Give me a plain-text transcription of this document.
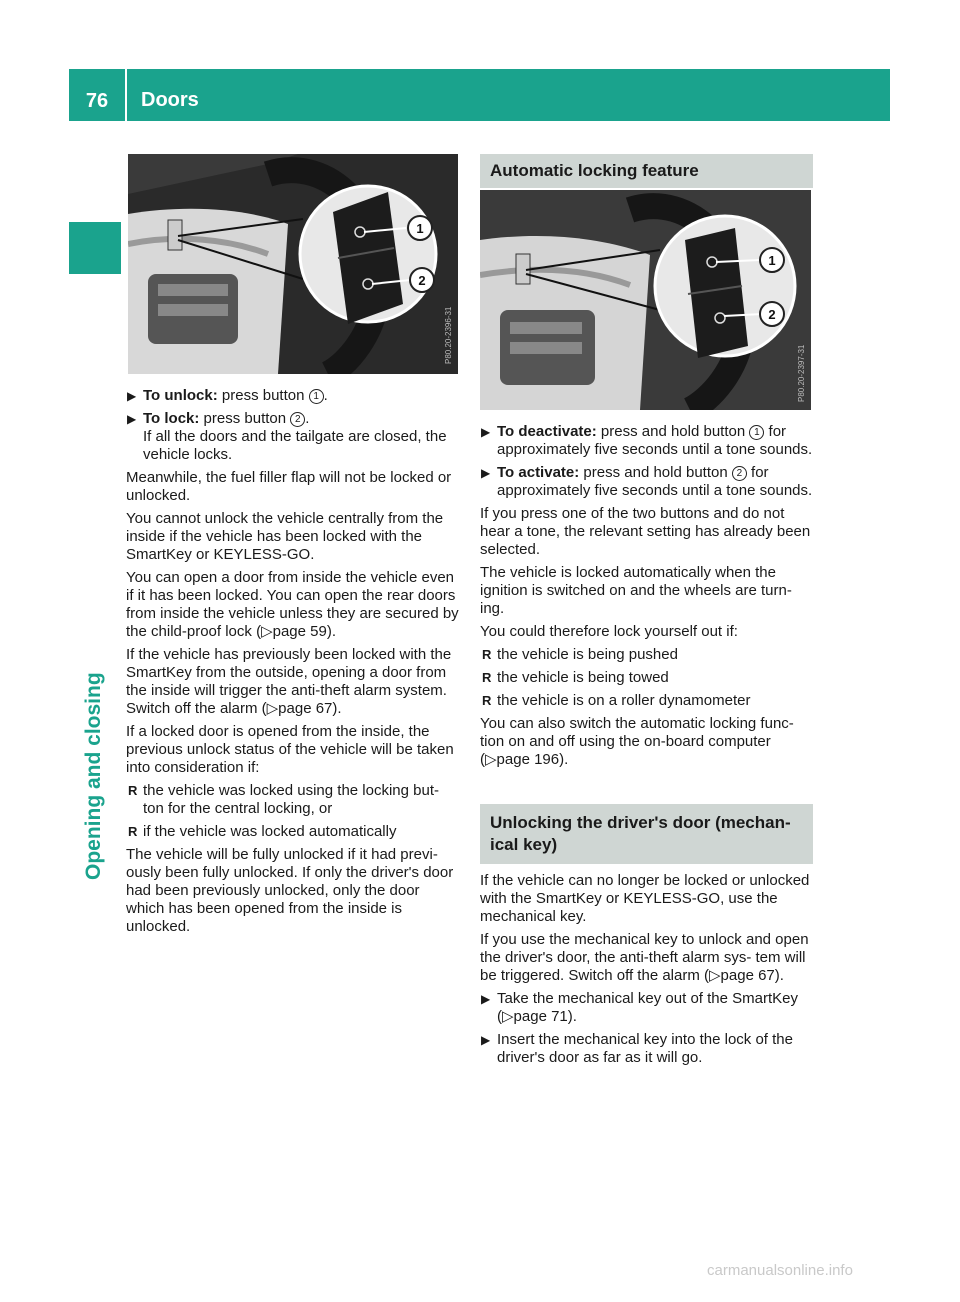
76	Doors
Opening and closing
1
2
P80.20-2396-31
▶ To unlock: press button 1 .
▶ To lock: press button 2 .
If all the doors and the tailgate are closed, the vehicle locks.

Meanwhile, the fuel filler flap will not be locked or unlocked.

You cannot unlock the vehicle centrally from the inside if the vehicle has been locked with the SmartKey or KEYLESS-GO.

You can open a door from inside the vehicle even if it has been locked. You can open the rear doors from inside the vehicle unless they are secured by the child-proof lock (▷page 59).

If the vehicle has previously been locked with the SmartKey from the outside, opening a door from the inside will trigger the anti-theft alarm system. Switch off the alarm (▷page 67).

If a locked door is opened from the inside, the previous unlock status of the vehicle will be taken into consideration if:

R the vehicle was locked using the locking but- ton for the central locking, or
R if the vehicle was locked automatically

The vehicle will be fully unlocked if it had previ- ously been fully unlocked. If only the driver's door had been previously unlocked, only the door which has been opened from the inside is unlocked.

Automatic locking feature
1
2
P80.20-2397-31
▶ To deactivate: press and hold button 1 for approximately five seconds until a tone sounds.
▶ To activate: press and hold button 2 for approximately five seconds until a tone sounds.

If you press one of the two buttons and do not hear a tone, the relevant setting has already been selected.

The vehicle is locked automatically when the ignition is switched on and the wheels are turn- ing.

You could therefore lock yourself out if:

R the vehicle is being pushed
R the vehicle is being towed
R the vehicle is on a roller dynamometer

You can also switch the automatic locking func- tion on and off using the on-board computer (▷page 196).

Unlocking the driver's door (mechan- ical key)

If the vehicle can no longer be locked or unlocked with the SmartKey or KEYLESS-GO, use the mechanical key.

If you use the mechanical key to unlock and open the driver's door, the anti-theft alarm sys- tem will be triggered. Switch off the alarm (▷page 67).

▶ Take the mechanical key out of the SmartKey (▷page 71).
▶ Insert the mechanical key into the lock of the driver's door as far as it will go.
carmanualsonline.info
